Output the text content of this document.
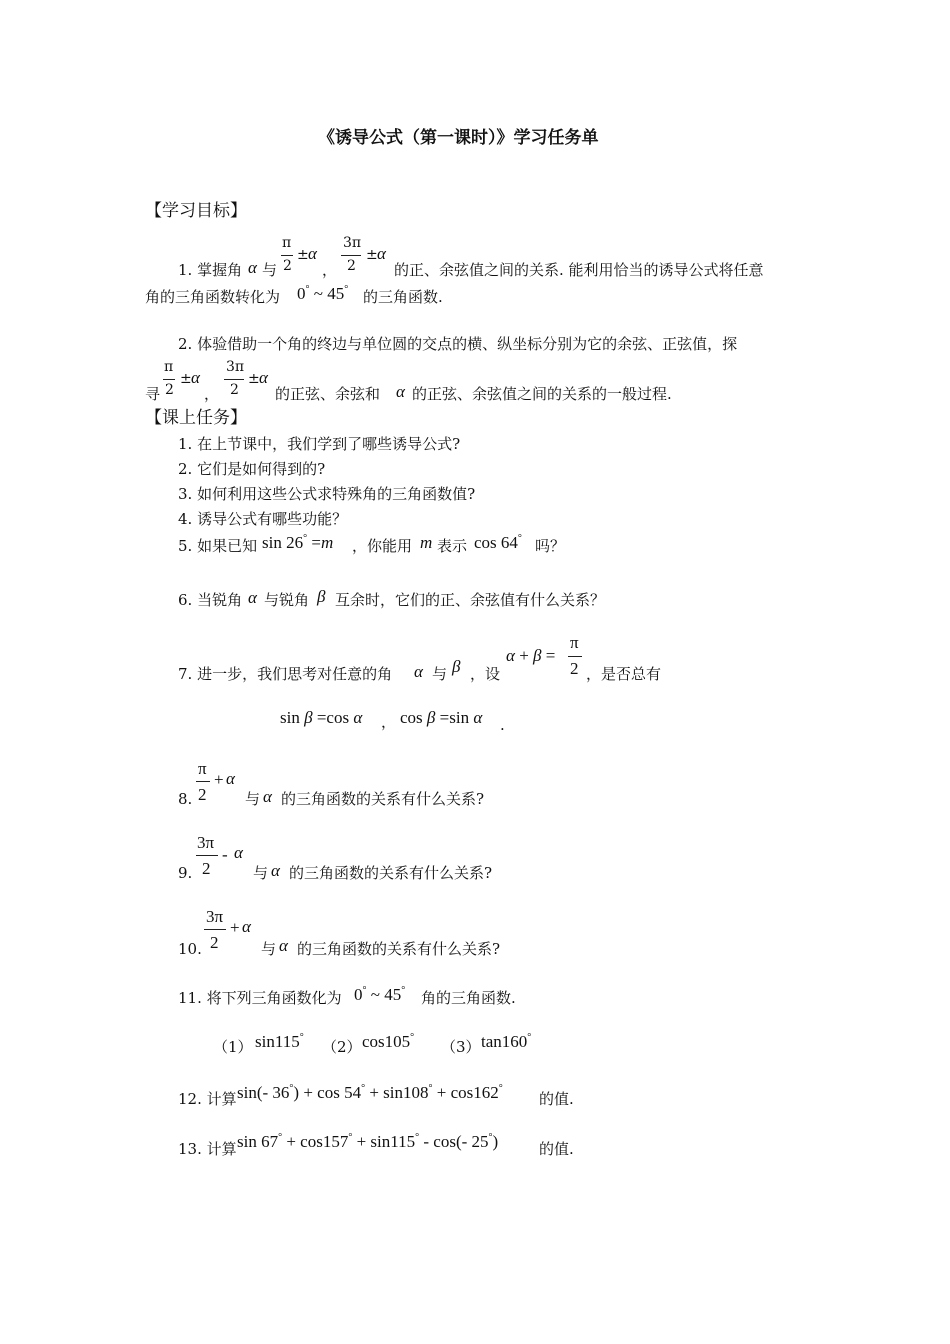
《诱导公式（第一课时）》学习任务单
【学习目标】
1. 掌握角 α 与
π
2
± α
，
3π
2
± α
的正、余弦值之间的关系. 能利用恰当的诱导公式将任意
角的三角函数转化为 0° ~ 45° 的三角函数.
2. 体验借助一个角的终边与单位圆的交点的横、纵坐标分别为它的余弦、正弦值，探
寻
π
2
± α
，
3π
2
± α
的正弦、余弦和 α 的正弦、余弦值之间的关系的一般过程.
【课上任务】
1. 在上节课中，我们学到了哪些诱导公式?
2. 它们是如何得到的?
3. 如何利用这些公式求特殊角的三角函数值?
4. 诱导公式有哪些功能？
5. 如果已知 sin 26° =m ，你能用 m 表示 cos 64° 吗？
6. 当锐角 α 与锐角 β 互余时，它们的正、余弦值有什么关系？
7. 进一步，我们思考对任意的角 α 与 β ，设
α + β =
π
2 ，是否总有
sin β =cos α ， cos β =sin α .
8.
π
2
+ α
与 α 的三角函数的关系有什么关系?
9.
3π
2
- α
与 α 的三角函数的关系有什么关系?
10.
3π
2
+ α
与 α 的三角函数的关系有什么关系?
11. 将下列三角函数化为 0° ~ 45° 角的三角函数.
（1） sin115°
（2） cos105°
（3） tan160°
12. 计算 sin(- 36°) + cos 54° + sin108° + cos162°
的值.
13. 计算 sin 67° + cos157° + sin115° - cos(- 25°)	的值.
